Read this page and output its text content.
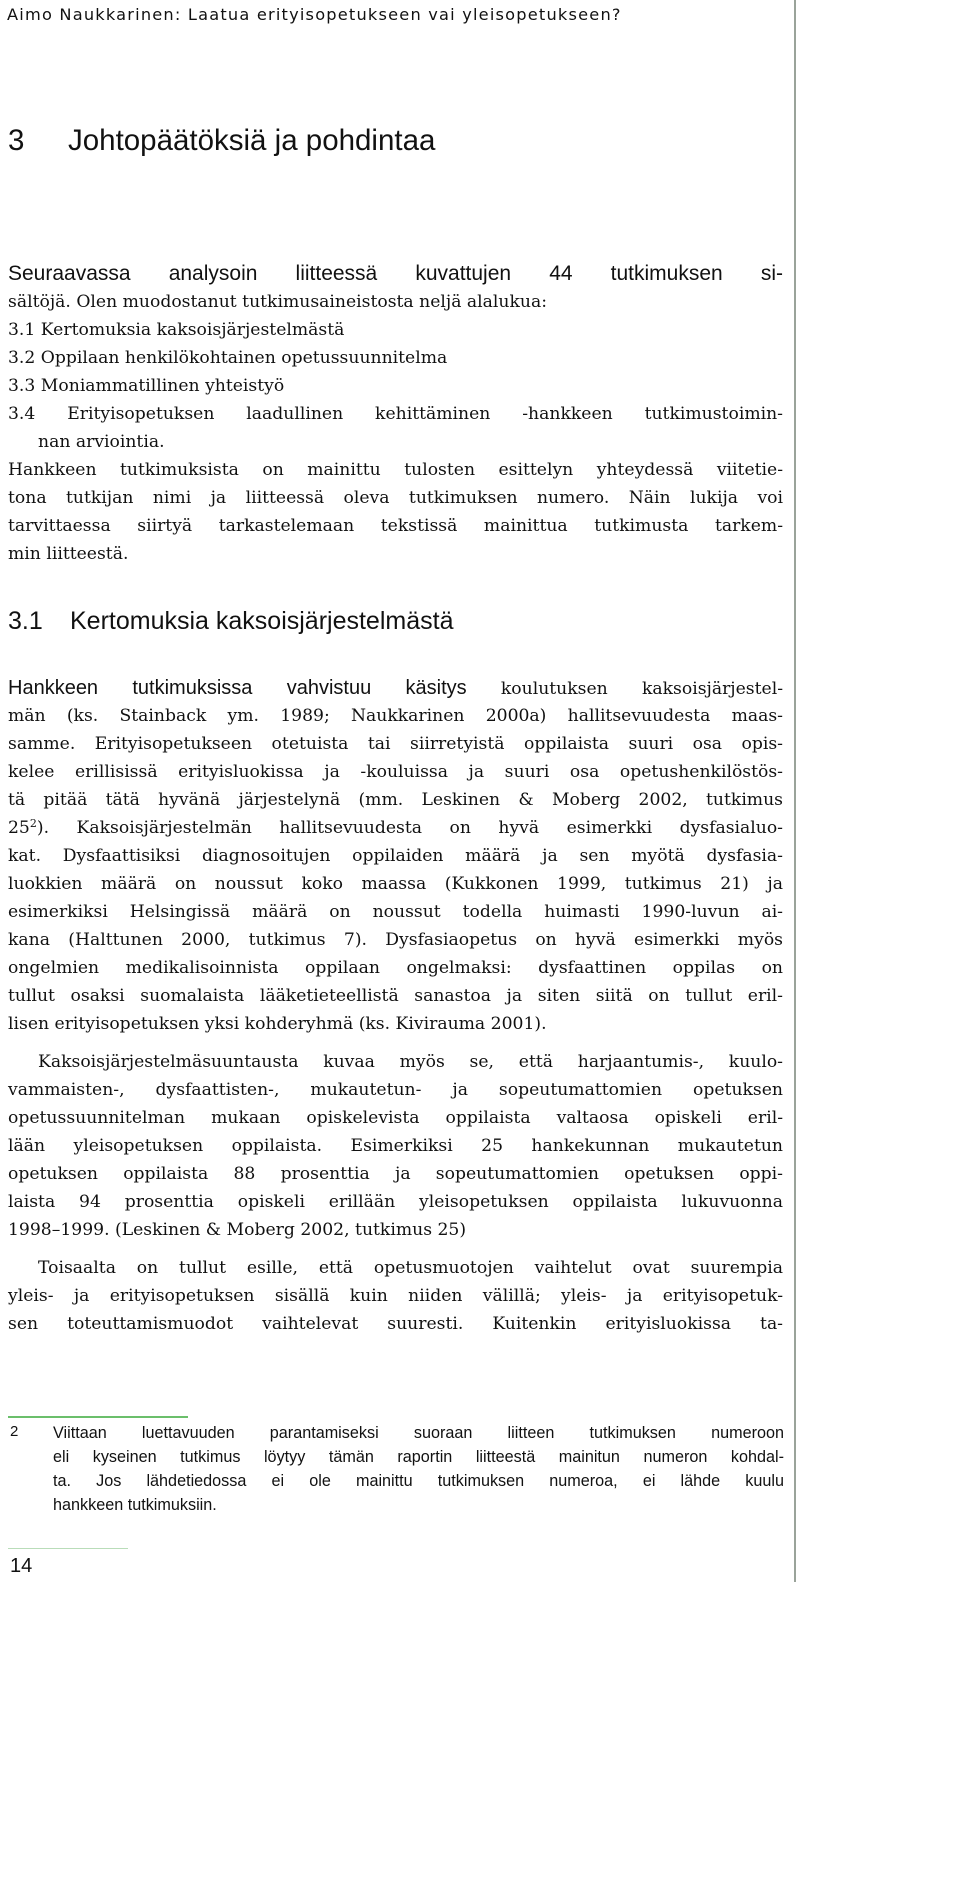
Aimo Naukkarinen: Laatua erityisopetukseen vai yleisopetukseen?
3 Johtopäätöksiä ja pohdintaa
Seuraavassa analysoin liitteessä kuvattujen 44 tutkimuksen si-
sältöjä. Olen muodostanut tutkimusaineistosta neljä alalukua:
3.1 Kertomuksia kaksoisjärjestelmästä
3.2 Oppilaan henkilökohtainen opetussuunnitelma
3.3 Moniammatillinen yhteistyö
3.4 Erityisopetuksen laadullinen kehittäminen -hankkeen tutkimustoimin-
nan arviointia.
Hankkeen tutkimuksista on mainittu tulosten esittelyn yhteydessä viitetie-
tona tutkijan nimi ja liitteessä oleva tutkimuksen numero. Näin lukija voi
tarvittaessa siirtyä tarkastelemaan tekstissä mainittua tutkimusta tarkem-
min liitteestä.
3.1 Kertomuksia kaksoisjärjestelmästä
Hankkeen tutkimuksissa vahvistuu käsitys koulutuksen kaksoisjärjestel-
män (ks. Stainback ym. 1989; Naukkarinen 2000a) hallitsevuudesta maas-
samme. Erityisopetukseen otetuista tai siirretyistä oppilaista suuri osa opis-
kelee erillisissä erityisluokissa ja -kouluissa ja suuri osa opetushenkilöstös-
tä pitää tätä hyvänä järjestelynä (mm. Leskinen & Moberg 2002, tutkimus
$25^2$). Kaksoisjärjestelmän hallitsevuudesta on hyvä esimerkki dysfasialuo-
kat. Dysfaattisiksi diagnosoitujen oppilaiden määrä ja sen myötä dysfasia-
luokkien määrä on noussut koko maassa (Kukkonen 1999, tutkimus 21) ja
esimerkiksi Helsingissä määrä on noussut todella huimasti 1990-luvun ai-
kana (Halttunen 2000, tutkimus 7). Dysfasiaopetus on hyvä esimerkki myös
ongelmien medikalisoinnista oppilaan ongelmaksi: dysfaattinen oppilas on
tullut osaksi suomalaista lääketieteellistä sanastoa ja siten siitä on tullut eril-
lisen erityisopetuksen yksi kohderyhmä (ks. Kivirauma 2001).
Kaksoisjärjestelmäsuuntausta kuvaa myös se, että harjaantumis-, kuulo-
vammaisten-, dysfaattisten-, mukautetun- ja sopeutumattomien opetuksen
opetussuunnitelman mukaan opiskelevista oppilaista valtaosa opiskeli eril-
lään yleisopetuksen oppilaista. Esimerkiksi 25 hankekunnan mukautetun
opetuksen oppilaista 88 prosenttia ja sopeutumattomien opetuksen oppi-
laista 94 prosenttia opiskeli erillään yleisopetuksen oppilaista lukuvuonna
1998–1999. (Leskinen & Moberg 2002, tutkimus 25)
Toisaalta on tullut esille, että opetusmuotojen vaihtelut ovat suurempia
yleis- ja erityisopetuksen sisällä kuin niiden välillä; yleis- ja erityisopetuk-
sen toteuttamismuodot vaihtelevat suuresti. Kuitenkin erityisluokissa ta-
2 Viittaan luettavuuden parantamiseksi suoraan liitteen tutkimuksen numeroon
eli kyseinen tutkimus löytyy tämän raportin liitteestä mainitun numeron kohdal-
ta. Jos lähdetiedossa ei ole mainittu tutkimuksen numeroa, ei lähde kuulu
hankkeen tutkimuksiin.
14
